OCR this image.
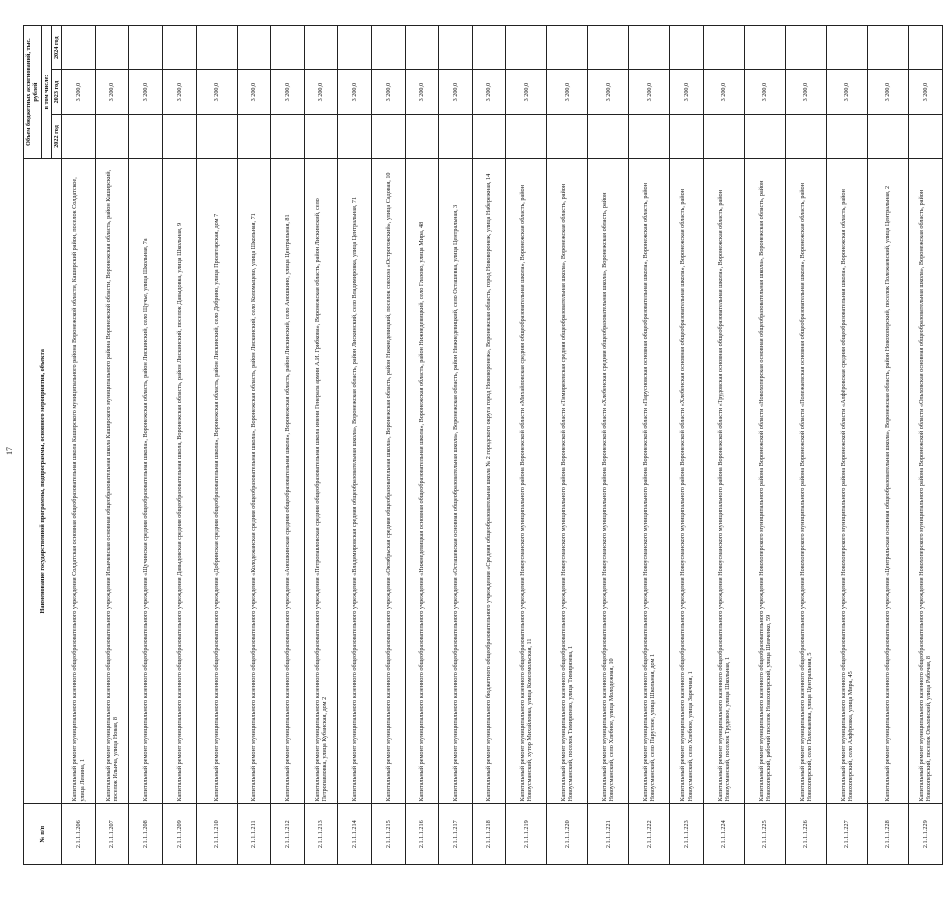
17
№ п/п	Наименование государственной программы, подпрограммы, основного мероприятия, объекта	Объем бюджетных ассигнований, тыс. рублей		
		в том числе:		
		2022 год	2023 год	2024 год
2.1.1.1.206	Капитальный ремонт муниципального казенного общеобразовательного учреждения Солдатская основная общеобразовательная школа Каширского муниципального района Воронежской области, Каширский район, поселок Солдатское, улица Ленина, 1		3 200,0	
2.1.1.1.207	Капитальный ремонт муниципального казенного общеобразовательного учреждения Ильичевская основная общеобразовательная школа Каширского муниципального района Воронежской области, Воронежская область, район Каширский, поселок Ильича, улица Новая, 8		3 200,0	
2.1.1.1.208	Капитальный ремонт муниципального казенного общеобразовательного учреждения «Щучинская средняя общеобразовательная школа», Воронежская область, район Лискинский, село Щучье, улица Школьная, 7а		3 200,0	
2.1.1.1.209	Капитальный ремонт муниципального казенного общеобразовательного учреждения Давыдовская средняя общеобразовательная школа, Воронежская область, район Лискинский, поселок Давыдовка, улица Школьная, 9		3 200,0	
2.1.1.1.210	Капитальный ремонт муниципального казенного общеобразовательного учреждения «Добринская средняя общеобразовательная школа», Воронежская область, район Лискинский, село Добрино, улица Пролетарская, дом 7		3 200,0	
2.1.1.1.211	Капитальный ремонт муниципального казенного общеобразовательного учреждения «Колодежанская средняя общеобразовательная школа», Воронежская область, район Лискинский, село Коломыцево, улица Школьная, 71		3 200,0	
2.1.1.1.212	Капитальный ремонт муниципального казенного общеобразовательного учреждения «Аношкинская средняя общеобразовательная школа», Воронежская область, район Лискинский, село Аношкино, улица Центральная, 81		3 200,0	
2.1.1.1.213	Капитальный ремонт муниципального казенного общеобразовательного учреждения «Петропавловская средняя общеобразовательная школа имени Генерала армии А.И. Грибкова», Воронежская область, район Лискинский, село Петропавловка, улица Кубанская, дом 2		3 200,0	
2.1.1.1.214	Капитальный ремонт муниципального казенного общеобразовательного учреждения «Владимировская средняя общеобразовательная школа», Воронежская область, район Лискинский, село Владимировка, улица Центральная, 71		3 200,0	
2.1.1.1.215	Капитальный ремонт муниципального казенного общеобразовательного учреждения «Октябрьская средняя общеобразовательная школа», Воронежская область, район Нижнедевицкий, поселок совхоза «Острогожский», улица Садовая, 10		3 200,0	
2.1.1.1.216	Капитальный ремонт муниципального казенного общеобразовательного учреждения «Нижнедевицкая основная общеобразовательная школа», Воронежская область, район Нижнедевицкий, село Глазово, улица Мира, 48		3 200,0	
2.1.1.1.217	Капитальный ремонт муниципального казенного общеобразовательного учреждения «Осташевская основная общеобразовательная школа», Воронежская область, район Нижнедевицкий, село Осташевка, улица Центральная, 3		3 200,0	
2.1.1.1.218	Капитальный ремонт муниципального бюджетного общеобразовательного учреждения «Средняя общеобразовательная школа № 2 городского округа город Нововоронеж», Воронежская область, город Нововоронеж, улица Набережная, 14		3 200,0	
2.1.1.1.219	Капитальный ремонт муниципального казенного общеобразовательного учреждения Новоусманского муниципального района Воронежской области «Михайловская средняя общеобразовательная школа», Воронежская область, район Новоусманский, хутор Михайловка, улица Комсомольская, 11		3 200,0	
2.1.1.1.220	Капитальный ремонт муниципального казенного общеобразовательного учреждения Новоусманского муниципального района Воронежской области «Тимирязевская средняя общеобразовательная школа», Воронежская область, район Новоусманский, поселок Тимирязево, улица Тимирязева, 1		3 200,0	
2.1.1.1.221	Капитальный ремонт муниципального казенного общеобразовательного учреждения Новоусманского муниципального района Воронежской области «Хлебенская средняя общеобразовательная школа», Воронежская область, район Новоусманский, село Хлебное, улица Молодежная, 10		3 200,0	
2.1.1.1.222	Капитальный ремонт муниципального казенного общеобразовательного учреждения Новоусманского муниципального района Воронежской области «Парусновская основная общеобразовательная школа», Воронежская область, район Новоусманский, село Парусное, улица Школьная, дом 1		3 200,0	
2.1.1.1.223	Капитальный ремонт муниципального казенного общеобразовательного учреждения Новоусманского муниципального района Воронежской области «Хлебенская основная общеобразовательная школа», Воронежская область, район Новоусманский, село Хлебное, улица Заречная, 1		3 200,0	
2.1.1.1.224	Капитальный ремонт муниципального казенного общеобразовательного учреждения Новоусманского муниципального района Воронежской области «Трудовская основная общеобразовательная школа», Воронежская область, район Новоусманский, поселок Трудовое, улица Школьная, 1		3 200,0	
2.1.1.1.225	Капитальный ремонт муниципального казенного общеобразовательного учреждения Новохоперского муниципального района Воронежской области «Новохоперская основная общеобразовательная школа», Воронежская область, район Новохоперский, рабочий поселок Новохоперский, улица Шевченко, 59		3 200,0	
2.1.1.1.226	Капитальный ремонт муниципального казенного общеобразовательного учреждения Новохоперского муниципального района Воронежской области «Полежаевская основная общеобразовательная школа», Воронежская область, район Новохоперский, село Полежаевка, улица Центральная, 5		3 200,0	
2.1.1.1.227	Капитальный ремонт муниципального казенного общеобразовательного учреждения Новохоперского муниципального района Воронежской области «Алфёровская средняя общеобразовательная школа», Воронежская область, район Новохоперский, село Алфёровка, улица Мира, 45		3 200,0	
2.1.1.1.228	Капитальный ремонт муниципального казенного общеобразовательного учреждения «Центральская основная общеобразовательная школа», Воронежская область, район Новохоперский, поселок Полежаевский, улица Центральная, 2		3 200,0	
2.1.1.1.229	Капитальный ремонт муниципального казенного общеобразовательного учреждения Новохоперского муниципального района Воронежской области «Ольховская основная общеобразовательная школа», Воронежская область, район Новохоперский, поселок Ольховский, улица Рабочая, 8		3 200,0	
